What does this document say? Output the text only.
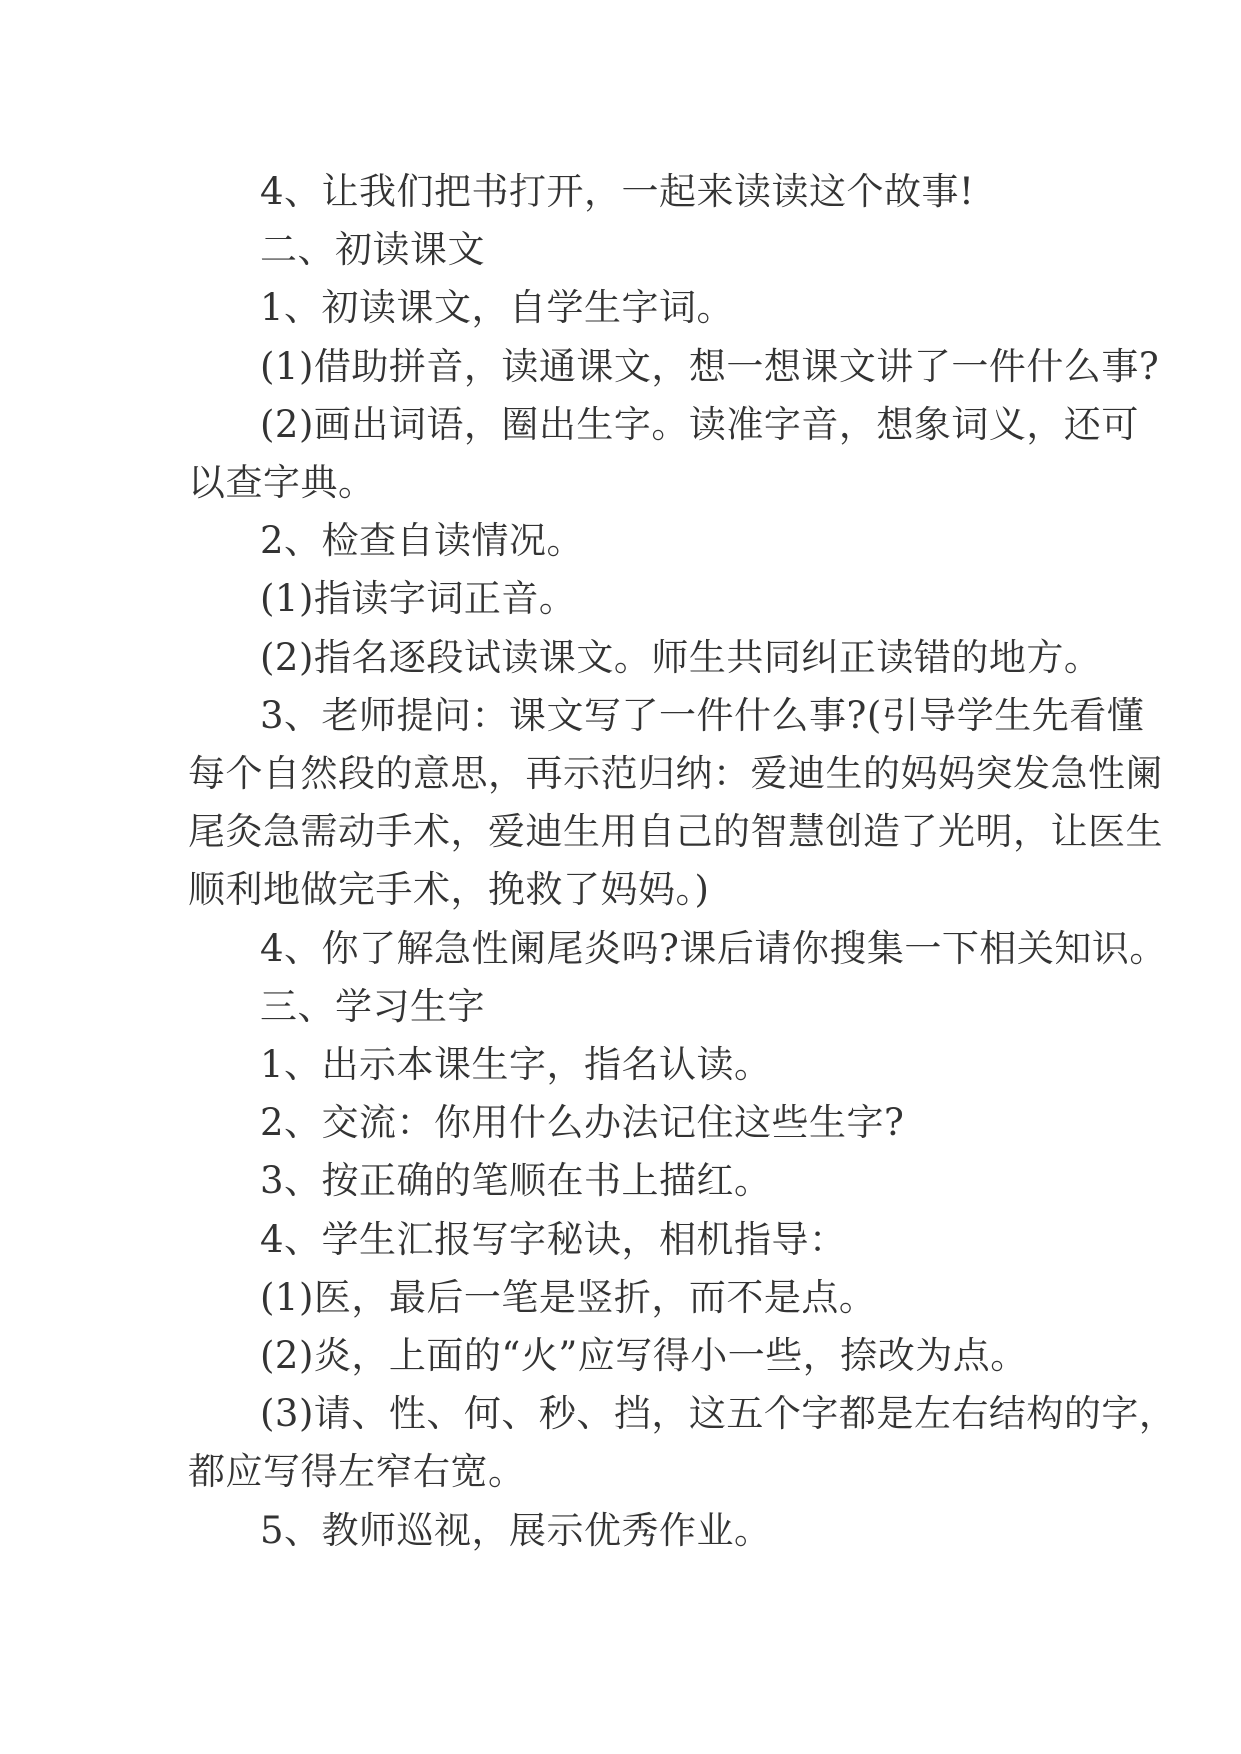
4、让我们把书打开，一起来读读这个故事!

二、初读课文

1、初读课文，自学生字词。

(1)借助拼音，读通课文，想一想课文讲了一件什么事?

(2)画出词语，圈出生字。读准字音，想象词义，还可

以查字典。

2、检查自读情况。

(1)指读字词正音。

(2)指名逐段试读课文。师生共同纠正读错的地方。

3、老师提问：课文写了一件什么事?(引导学生先看懂

每个自然段的意思，再示范归纳：爱迪生的妈妈突发急性阑

尾灸急需动手术，爱迪生用自己的智慧创造了光明，让医生

顺利地做完手术，挽救了妈妈。)

4、你了解急性阑尾炎吗?课后请你搜集一下相关知识。

三、学习生字

1、出示本课生字，指名认读。

2、交流：你用什么办法记住这些生字?

3、按正确的笔顺在书上描红。

4、学生汇报写字秘诀，相机指导：

(1)医，最后一笔是竖折，而不是点。

(2)炎，上面的“火”应写得小一些，捺改为点。

(3)请、性、何、秒、挡，这五个字都是左右结构的字，

都应写得左窄右宽。

5、教师巡视，展示优秀作业。
